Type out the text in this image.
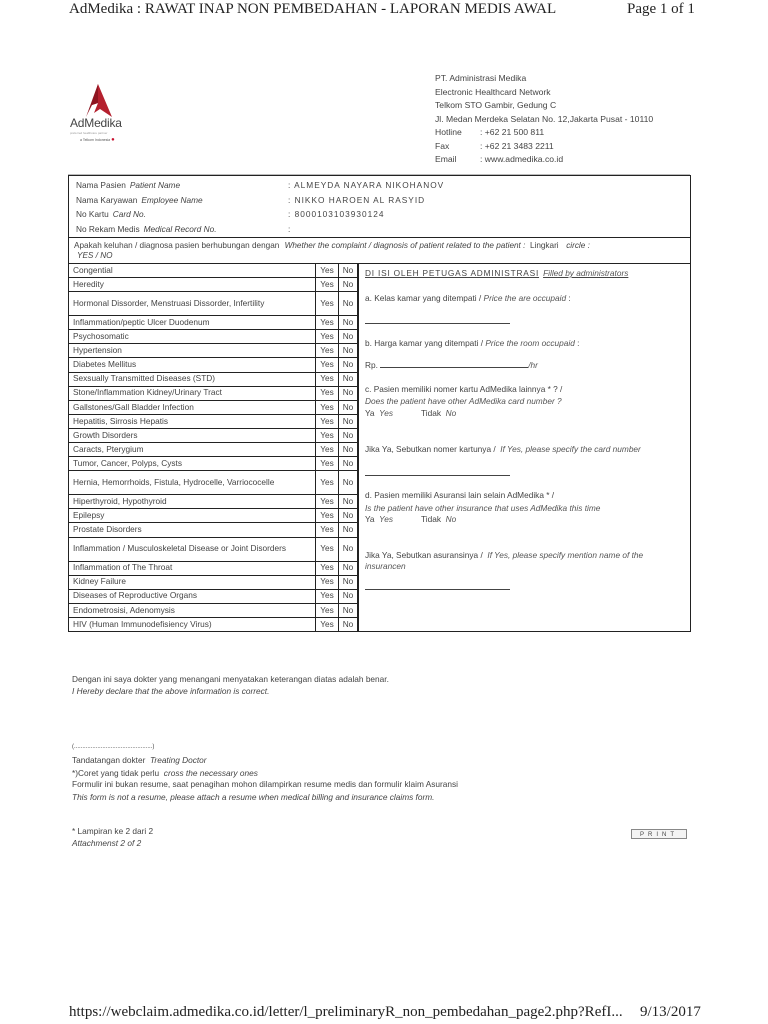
AdMedika : RAWAT INAP NON PEMBEDAHAN - LAPORAN MEDIS AWAL	Page 1 of 1
AdMedika
preferred healthcare partner
a Telkom Indonesia ●
PT. Administrasi Medika
Electronic Healthcard Network
Telkom STO Gambir, Gedung C
Jl. Medan Merdeka Selatan No. 12,Jakarta Pusat - 10110
Hotline : +62 21 500 811
Fax	: +62 21 3483 2211
Email	: www.admedika.co.id
Nama Pasien Patient Name	: ALMEYDA NAYARA NIKOHANOV
Nama Karyawan Employee Name	: NIKKO HAROEN AL RASYID
No Kartu Card No.	: 8000103103930124
No Rekam Medis Medical Record No.	:
Apakah keluhan / diagnosa pasien berhubungan dengan Whether the complaint / diagnosis of patient related to the patient : Lingkari circle :
YES / NO
Congential	Yes	No
Heredity	Yes	No
Hormonal Dissorder, Menstruasi Dissorder, Infertility	Yes	No
Inflammation/peptic Ulcer Duodenum	Yes	No
Psychosomatic	Yes	No
Hypertension	Yes	No
Diabetes Mellitus	Yes	No
Sexsually Transmitted Diseases (STD)	Yes	No
Stone/Inflammation Kidney/Urinary Tract	Yes	No
Gallstones/Gall Bladder Infection	Yes	No
Hepatitis, Sirrosis Hepatis	Yes	No
Growth Disorders	Yes	No
Caracts, Pterygium	Yes	No
Tumor, Cancer, Polyps, Cysts	Yes	No
Hernia, Hemorrhoids, Fistula, Hydrocelle, Varriococelle	Yes	No
Hiperthyroid, Hypothyroid	Yes	No
Epilepsy	Yes	No
Prostate Disorders	Yes	No
Inflammation / Musculoskeletal Disease or Joint Disorders	Yes	No
Inflammation of The Throat	Yes	No
Kidney Failure	Yes	No
Diseases of Reproductive Organs	Yes	No
Endometrosisi, Adenomysis	Yes	No
HIV (Human Immunodefisiency Virus)	Yes	No
DI ISI OLEH PETUGAS ADMINISTRASI Filled by administrators
a. Kelas kamar yang ditempati / Price the are occupaid :
b. Harga kamar yang ditempati / Price the room occupaid :
Rp.	/hr
c. Pasien memiliki nomer kartu AdMedika lainnya * ? /
Does the patient have other AdMedika card number ?
Ya Yes	Tidak No
Jika Ya, Sebutkan nomer kartunya / If Yes, please specify the card number
d. Pasien memiliki Asuransi lain selain AdMedika * /
Is the patient have other insurance that uses AdMedika this time
Ya Yes	Tidak No
Jika Ya, Sebutkan asuransinya / If Yes, please specify mention name of the insurancen
Dengan ini saya dokter yang menangani menyatakan keterangan diatas adalah benar.
I Hereby declare that the above information is correct.
(...............................................)
Tandatangan dokter Treating Doctor
*)Coret yang tidak perlu cross the necessary ones
Formulir ini bukan resume, saat penagihan mohon dilampirkan resume medis dan formulir klaim Asuransi
This form is not a resume, please attach a resume when medical billing and insurance claims form.
* Lampiran ke 2 dari 2
Attachmenst 2 of 2
PRINT
https://webclaim.admedika.co.id/letter/l_preliminaryR_non_pembedahan_page2.php?RefI... 9/13/2017
